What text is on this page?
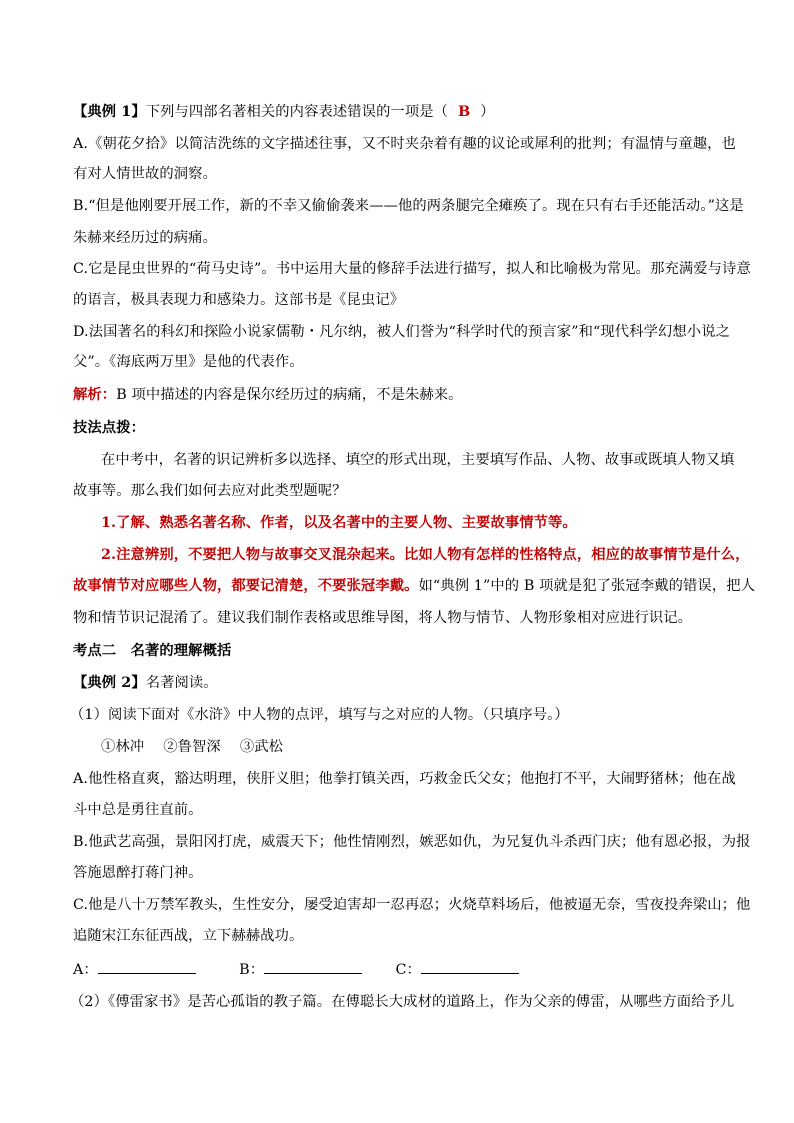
【典例 1】下列与四部名著相关的内容表述错误的一项是（ B ）
A.《朝花夕拾》以简洁洗练的文字描述往事，又不时夹杂着有趣的议论或犀利的批判；有温情与童趣，也
有对人情世故的洞察。
B.“但是他刚要开展工作，新的不幸又偷偷袭来——他的两条腿完全瘫痪了。现在只有右手还能活动。”这是
朱赫来经历过的病痛。
C.它是昆虫世界的“荷马史诗”。书中运用大量的修辞手法进行描写，拟人和比喻极为常见。那充满爱与诗意
的语言，极具表现力和感染力。这部书是《昆虫记》
D.法国著名的科幻和探险小说家儒勒・凡尔纳，被人们誉为“科学时代的预言家”和“现代科学幻想小说之
父”。《海底两万里》是他的代表作。
解析：B 项中描述的内容是保尔经历过的病痛，不是朱赫来。
技法点拨：
在中考中，名著的识记辨析多以选择、填空的形式出现，主要填写作品、人物、故事或既填人物又填
故事等。那么我们如何去应对此类型题呢？
1.了解、熟悉名著名称、作者，以及名著中的主要人物、主要故事情节等。
2.注意辨别，不要把人物与故事交叉混杂起来。比如人物有怎样的性格特点，相应的故事情节是什么，
故事情节对应哪些人物，都要记清楚，不要张冠李戴。如“典例 1”中的 B 项就是犯了张冠李戴的错误，把人
物和情节识记混淆了。建议我们制作表格或思维导图，将人物与情节、人物形象相对应进行识记。
考点二　名著的理解概括
【典例 2】名著阅读。
（1）阅读下面对《水浒》中人物的点评，填写与之对应的人物。（只填序号。）
①林冲　 ②鲁智深　 ③武松
A.他性格直爽，豁达明理，侠肝义胆；他拳打镇关西，巧救金氏父女；他抱打不平，大闹野猪林；他在战
斗中总是勇往直前。
B.他武艺高强，景阳冈打虎，威震天下；他性情刚烈，嫉恶如仇，为兄复仇斗杀西门庆；他有恩必报，为报
答施恩醉打蒋门神。
C.他是八十万禁军教头，生性安分，屡受迫害却一忍再忍；火烧草料场后，他被逼无奈，雪夜投奔梁山；他
追随宋江东征西战，立下赫赫战功。
A：	B：	C：
（2）《傅雷家书》是苦心孤诣的教子篇。在傅聪长大成材的道路上，作为父亲的傅雷，从哪些方面给予儿
